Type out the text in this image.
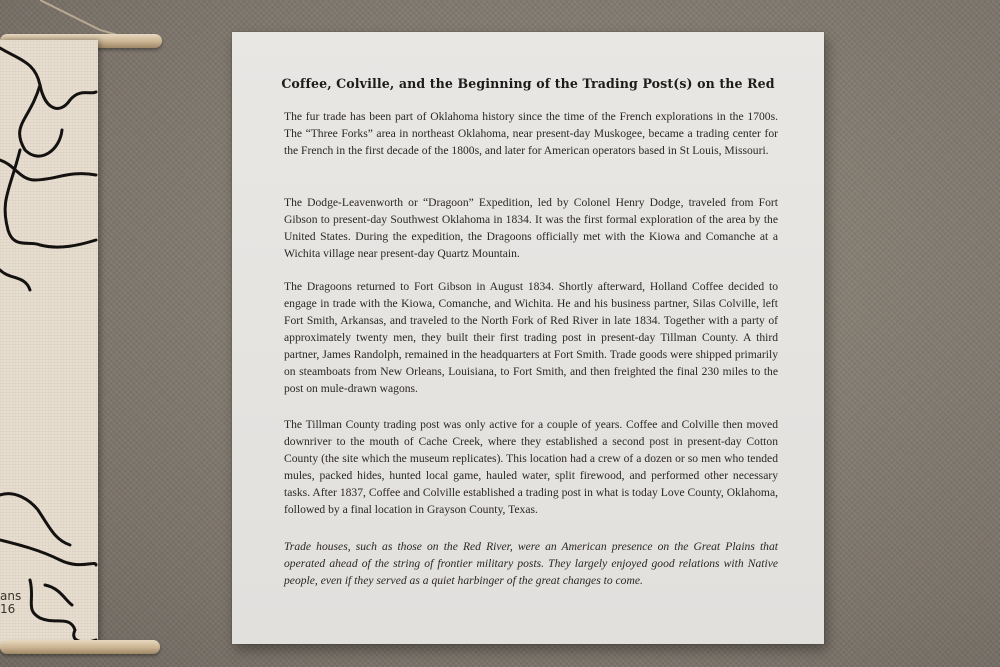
ans
16
Coffee, Colville, and the Beginning of the Trading Post(s) on the Red

The fur trade has been part of Oklahoma history since the time of the French explorations in the 1700s. The “Three Forks” area in northeast Oklahoma, near present-day Muskogee, became a trading center for the French in the first decade of the 1800s, and later for American operators based in St Louis, Missouri.

The Dodge-Leavenworth or “Dragoon” Expedition, led by Colonel Henry Dodge, traveled from Fort Gibson to present-day Southwest Oklahoma in 1834. It was the first formal exploration of the area by the United States. During the expedition, the Dragoons officially met with the Kiowa and Comanche at a Wichita village near present-day Quartz Mountain.

The Dragoons returned to Fort Gibson in August 1834. Shortly afterward, Holland Coffee decided to engage in trade with the Kiowa, Comanche, and Wichita. He and his business partner, Silas Colville, left Fort Smith, Arkansas, and traveled to the North Fork of Red River in late 1834. Together with a party of approximately twenty men, they built their first trading post in present-day Tillman County. A third partner, James Randolph, remained in the headquarters at Fort Smith. Trade goods were shipped primarily on steamboats from New Orleans, Louisiana, to Fort Smith, and then freighted the final 230 miles to the post on mule-drawn wagons.

The Tillman County trading post was only active for a couple of years. Coffee and Colville then moved downriver to the mouth of Cache Creek, where they established a second post in present-day Cotton County (the site which the museum replicates). This location had a crew of a dozen or so men who tended mules, packed hides, hunted local game, hauled water, split firewood, and performed other necessary tasks. After 1837, Coffee and Colville established a trading post in what is today Love County, Oklahoma, followed by a final location in Grayson County, Texas.

Trade houses, such as those on the Red River, were an American presence on the Great Plains that operated ahead of the string of frontier military posts. They largely enjoyed good relations with Native people, even if they served as a quiet harbinger of the great changes to come.
